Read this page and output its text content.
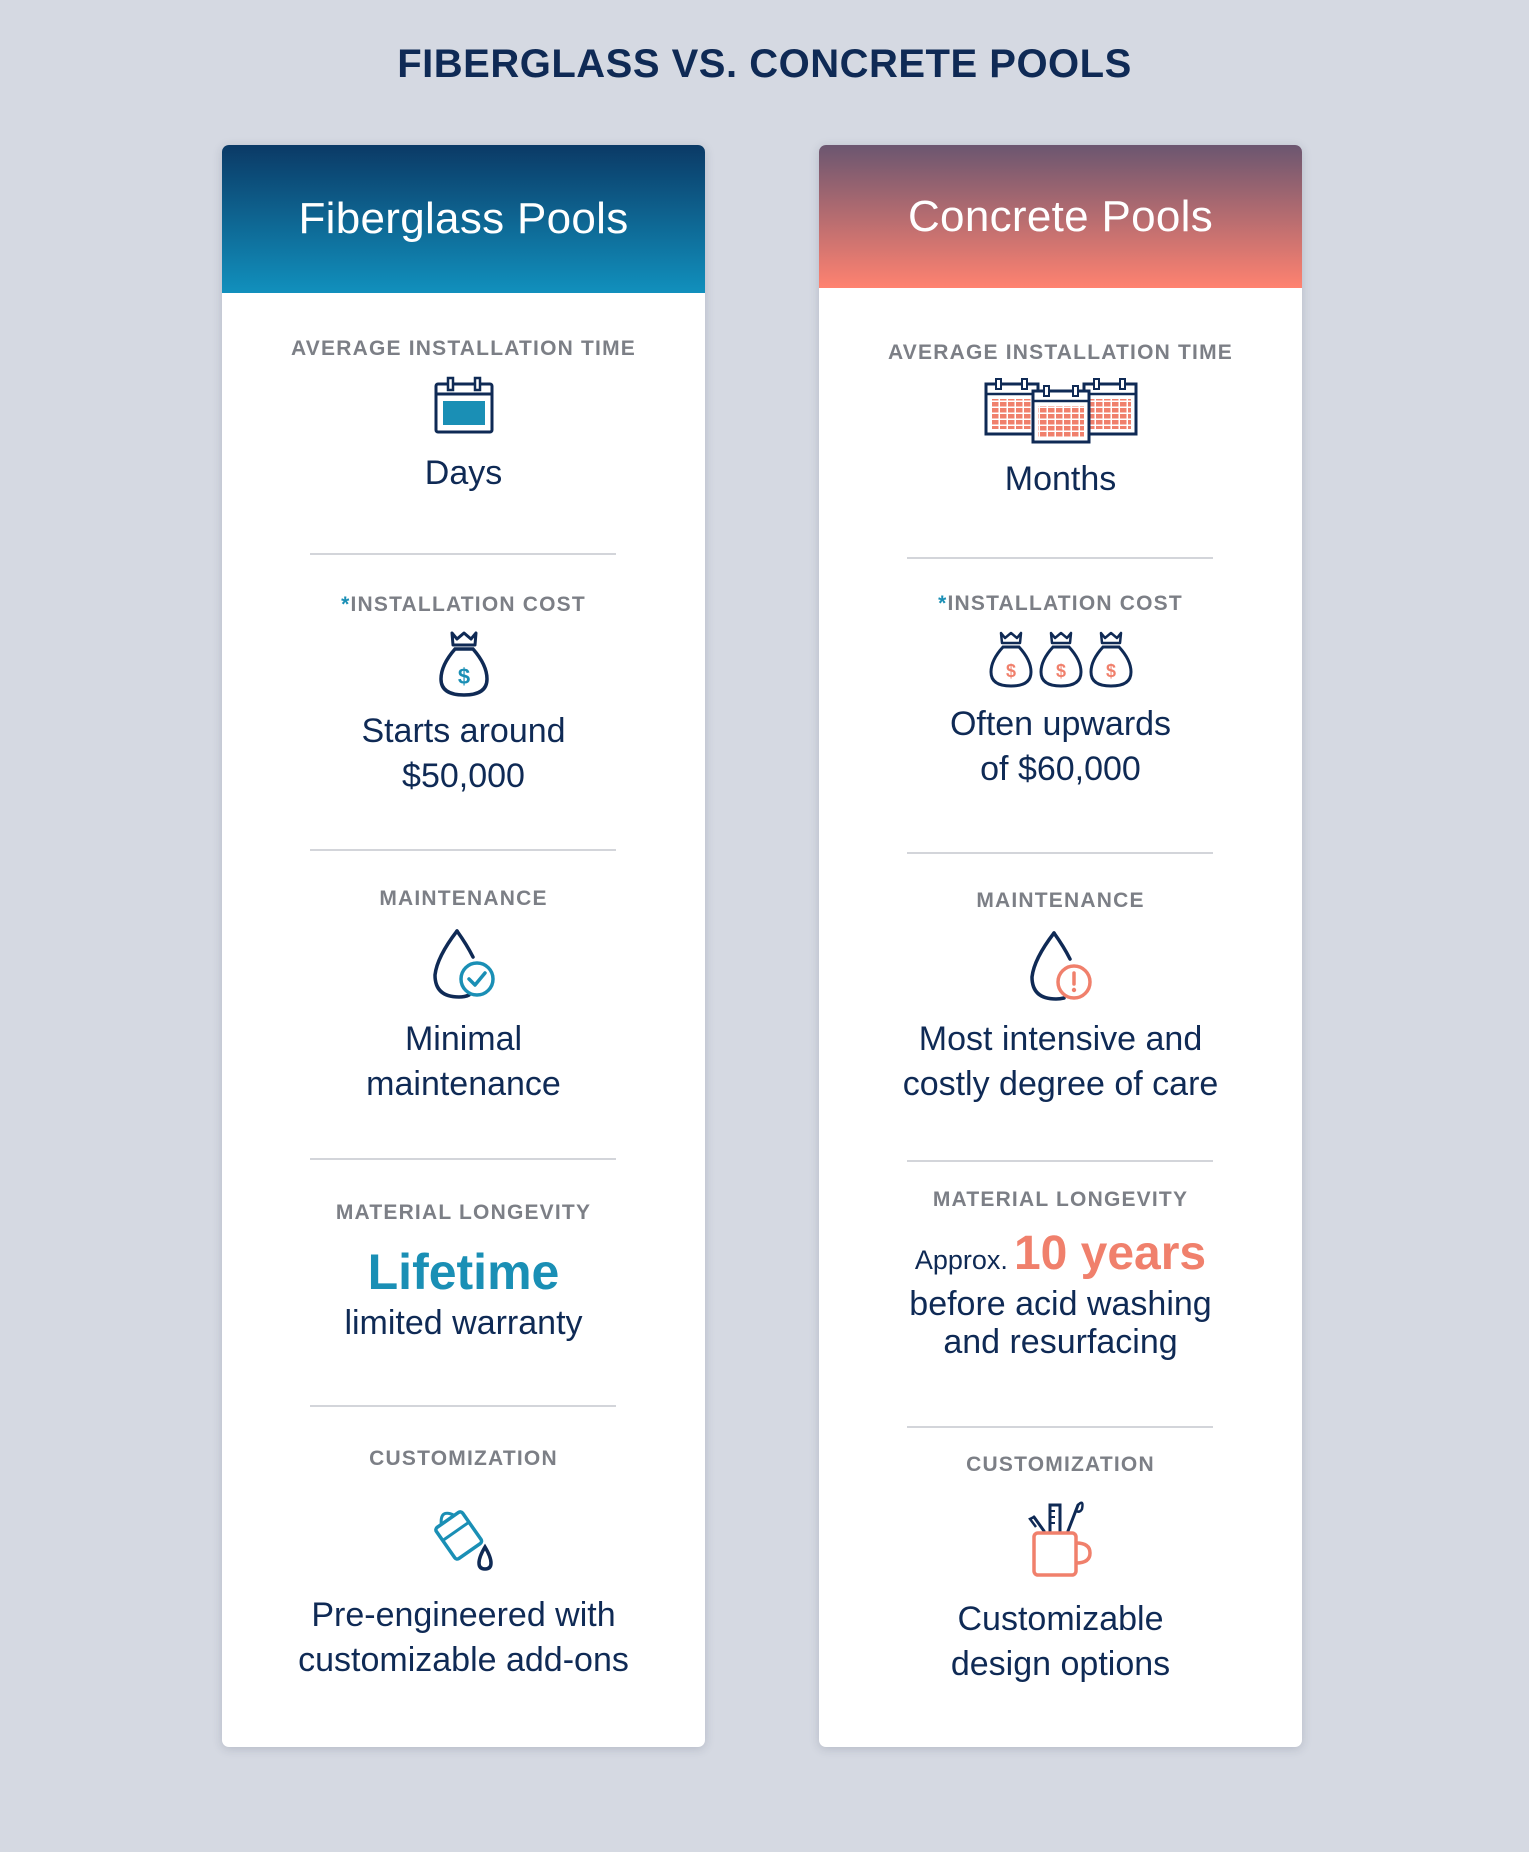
FIBERGLASS VS. CONCRETE POOLS
Fiberglass Pools
AVERAGE INSTALLATION TIME
Days
*INSTALLATION COST
$
Starts around
$50,000
MAINTENANCE
Minimal
maintenance
MATERIAL LONGEVITY
Lifetime
limited warranty
CUSTOMIZATION
Pre-engineered with
customizable add-ons
Concrete Pools
AVERAGE INSTALLATION TIME
Months
*INSTALLATION COST
$ $ $
Often upwards
of $60,000
MAINTENANCE
Most intensive and
costly degree of care
MATERIAL LONGEVITY
Approx. 10 years
before acid washing
and resurfacing
CUSTOMIZATION
Customizable
design options
